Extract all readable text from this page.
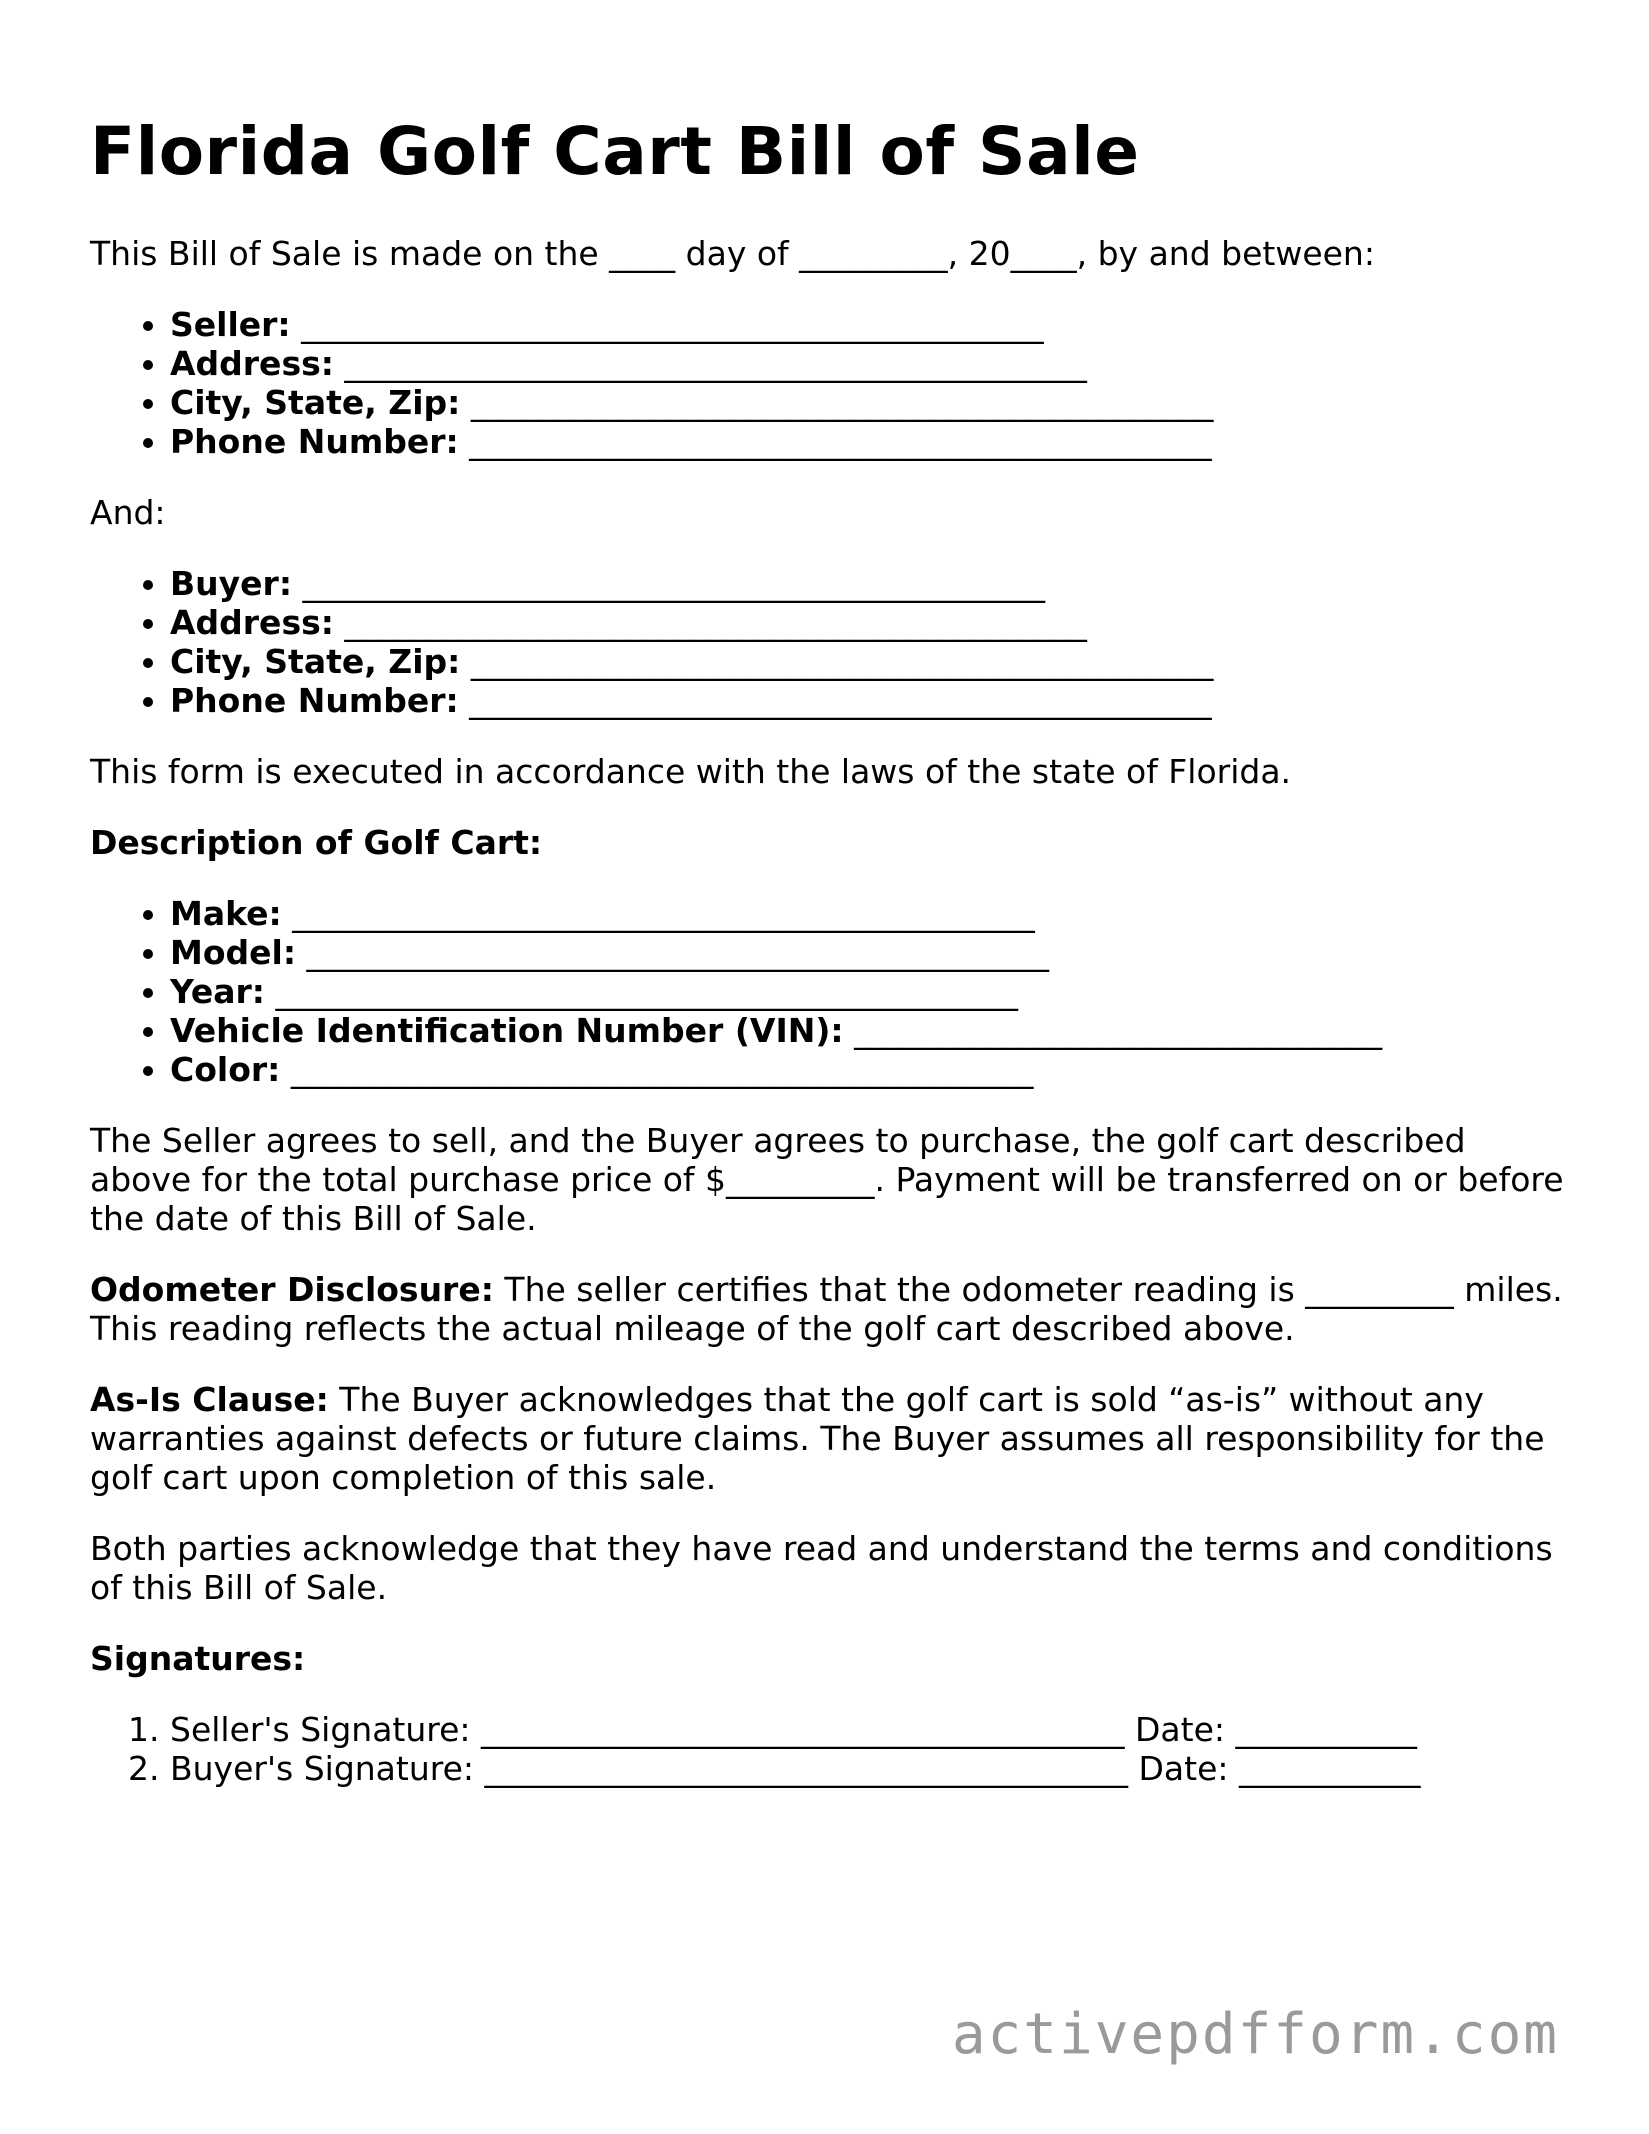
Florida Golf Cart Bill of Sale

This Bill of Sale is made on the ____ day of _________, 20____, by and between:

• Seller: _____________________________________________
• Address: _____________________________________________
• City, State, Zip: _____________________________________________
• Phone Number: _____________________________________________

And:

• Buyer: _____________________________________________
• Address: _____________________________________________
• City, State, Zip: _____________________________________________
• Phone Number: _____________________________________________

This form is executed in accordance with the laws of the state of Florida.

Description of Golf Cart:

• Make: _____________________________________________
• Model: _____________________________________________
• Year: _____________________________________________
• Vehicle Identification Number (VIN): ________________________________
• Color: _____________________________________________

The Seller agrees to sell, and the Buyer agrees to purchase, the golf cart described above for the total purchase price of $_________. Payment will be transferred on or before the date of this Bill of Sale.

Odometer Disclosure: The seller certifies that the odometer reading is _________ miles. This reading reflects the actual mileage of the golf cart described above.

As-Is Clause: The Buyer acknowledges that the golf cart is sold “as-is” without any warranties against defects or future claims. The Buyer assumes all responsibility for the golf cart upon completion of this sale.

Both parties acknowledge that they have read and understand the terms and conditions of this Bill of Sale.

Signatures:

1. Seller's Signature: _______________________________________ Date: ___________
2. Buyer's Signature: _______________________________________ Date: ___________
activepdfform.com
